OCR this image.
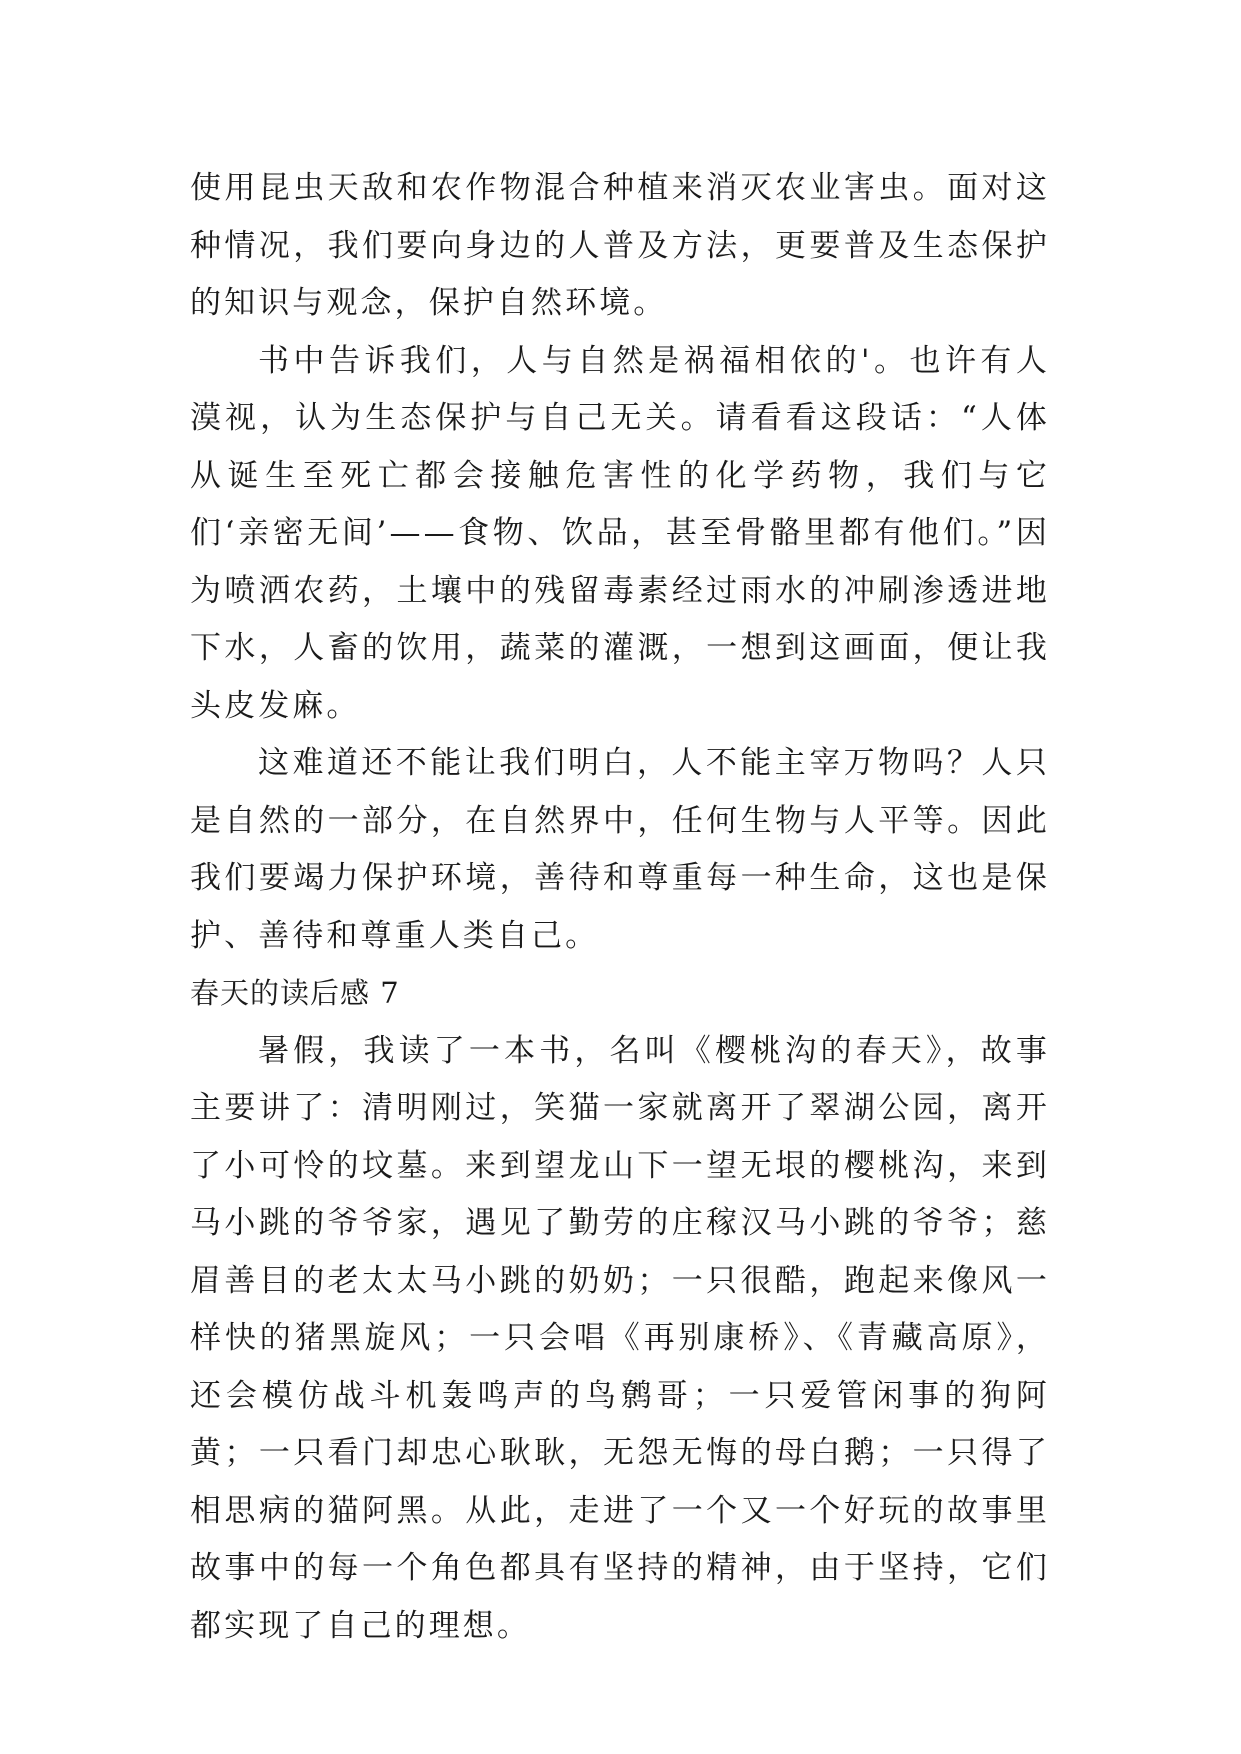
使用昆虫天敌和农作物混合种植来消灭农业害虫。面对这种情况，我们要向身边的人普及方法，更要普及生态保护的知识与观念，保护自然环境。

书中告诉我们，人与自然是祸福相依的'。也许有人漠视，认为生态保护与自己无关。请看看这段话：“人体从诞生至死亡都会接触危害性的化学药物，我们与它们‘亲密无间’——食物、饮品，甚至骨骼里都有他们。”因为喷洒农药，土壤中的残留毒素经过雨水的冲刷渗透进地下水，人畜的饮用，蔬菜的灌溉，一想到这画面，便让我头皮发麻。

这难道还不能让我们明白，人不能主宰万物吗？人只是自然的一部分，在自然界中，任何生物与人平等。因此我们要竭力保护环境，善待和尊重每一种生命，这也是保护、善待和尊重人类自己。

春天的读后感 7

暑假，我读了一本书，名叫《樱桃沟的春天》，故事主要讲了：清明刚过，笑猫一家就离开了翠湖公园，离开了小可怜的坟墓。来到望龙山下一望无垠的樱桃沟，来到马小跳的爷爷家，遇见了勤劳的庄稼汉马小跳的爷爷；慈眉善目的老太太马小跳的奶奶；一只很酷，跑起来像风一样快的猪黑旋风；一只会唱《再别康桥》、《青藏高原》，还会模仿战斗机轰鸣声的鸟鹩哥；一只爱管闲事的狗阿黄；一只看门却忠心耿耿，无怨无悔的母白鹅；一只得了相思病的猫阿黑。从此，走进了一个又一个好玩的故事里故事中的每一个角色都具有坚持的精神，由于坚持，它们都实现了自己的理想。
